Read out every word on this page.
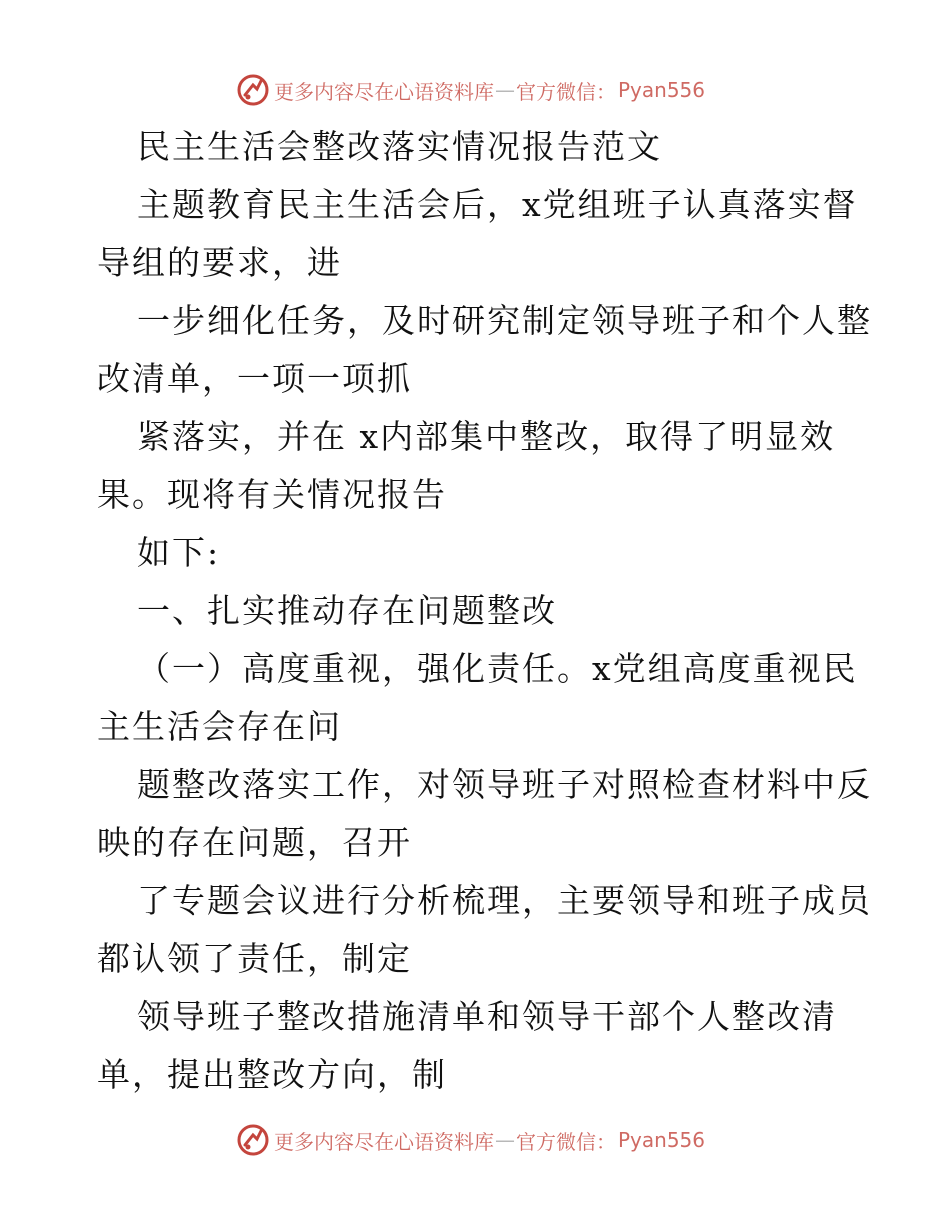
更多内容尽在心语资料库 — 官方微信： Pyan556
民主生活会整改落实情况报告范文
主题教育民主生活会后，x党组班子认真落实督
导组的要求，进
一步细化任务，及时研究制定领导班子和个人整
改清单，一项一项抓
紧落实，并在 x内部集中整改，取得了明显效
果。现将有关情况报告
如下:
一、扎实推动存在问题整改
（一）高度重视，强化责任。x党组高度重视民
主生活会存在问
题整改落实工作，对领导班子对照检查材料中反
映的存在问题，召开
了专题会议进行分析梳理，主要领导和班子成员
都认领了责任，制定
领导班子整改措施清单和领导干部个人整改清
单，提出整改方向，制
更多内容尽在心语资料库 — 官方微信： Pyan556
